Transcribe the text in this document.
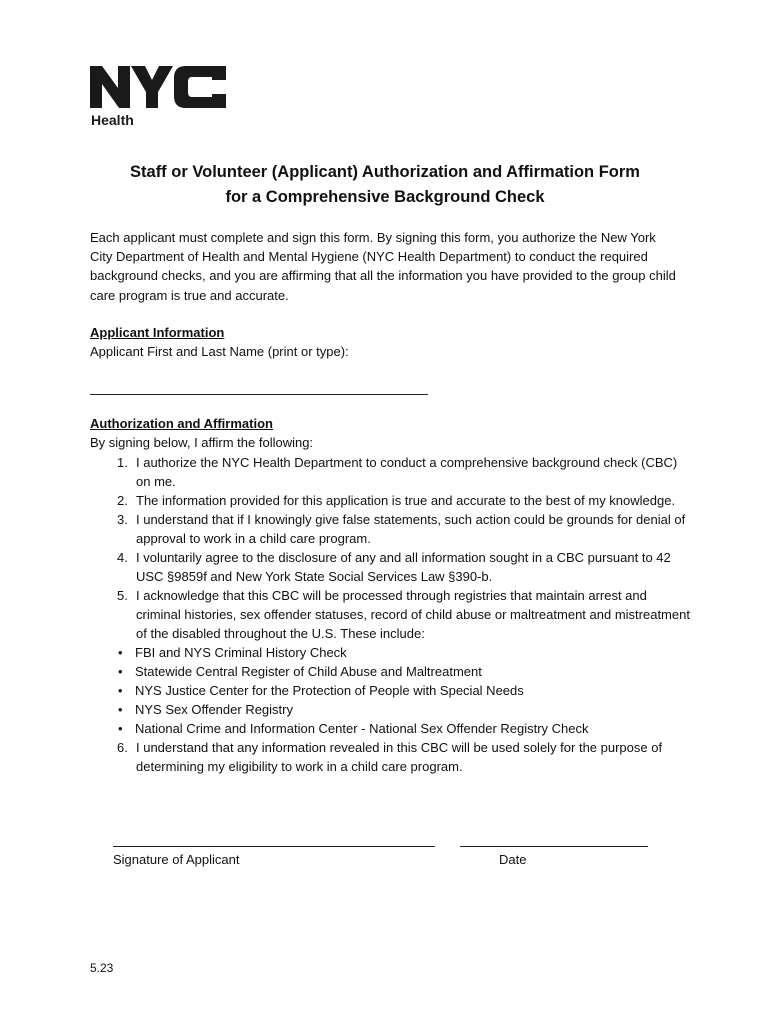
™
Health
Staff or Volunteer (Applicant) Authorization and Affirmation Form
for a Comprehensive Background Check
Each applicant must complete and sign this form. By signing this form, you authorize the New York City Department of Health and Mental Hygiene (NYC Health Department) to conduct the required background checks, and you are affirming that all the information you have provided to the group child care program is true and accurate.
Applicant Information
Applicant First and Last Name (print or type):
Authorization and Affirmation
By signing below, I affirm the following:
1. I authorize the NYC Health Department to conduct a comprehensive background check (CBC) on me.
2. The information provided for this application is true and accurate to the best of my knowledge.
3. I understand that if I knowingly give false statements, such action could be grounds for denial of approval to work in a child care program.
4. I voluntarily agree to the disclosure of any and all information sought in a CBC pursuant to 42 USC §9859f and New York State Social Services Law §390-b.
5. I acknowledge that this CBC will be processed through registries that maintain arrest and criminal histories, sex offender statuses, record of child abuse or maltreatment and mistreatment of the disabled throughout the U.S. These include:
• FBI and NYS Criminal History Check
• Statewide Central Register of Child Abuse and Maltreatment
• NYS Justice Center for the Protection of People with Special Needs
• NYS Sex Offender Registry
• National Crime and Information Center - National Sex Offender Registry Check
6. I understand that any information revealed in this CBC will be used solely for the purpose of determining my eligibility to work in a child care program.
Signature of Applicant	Date
5.23
